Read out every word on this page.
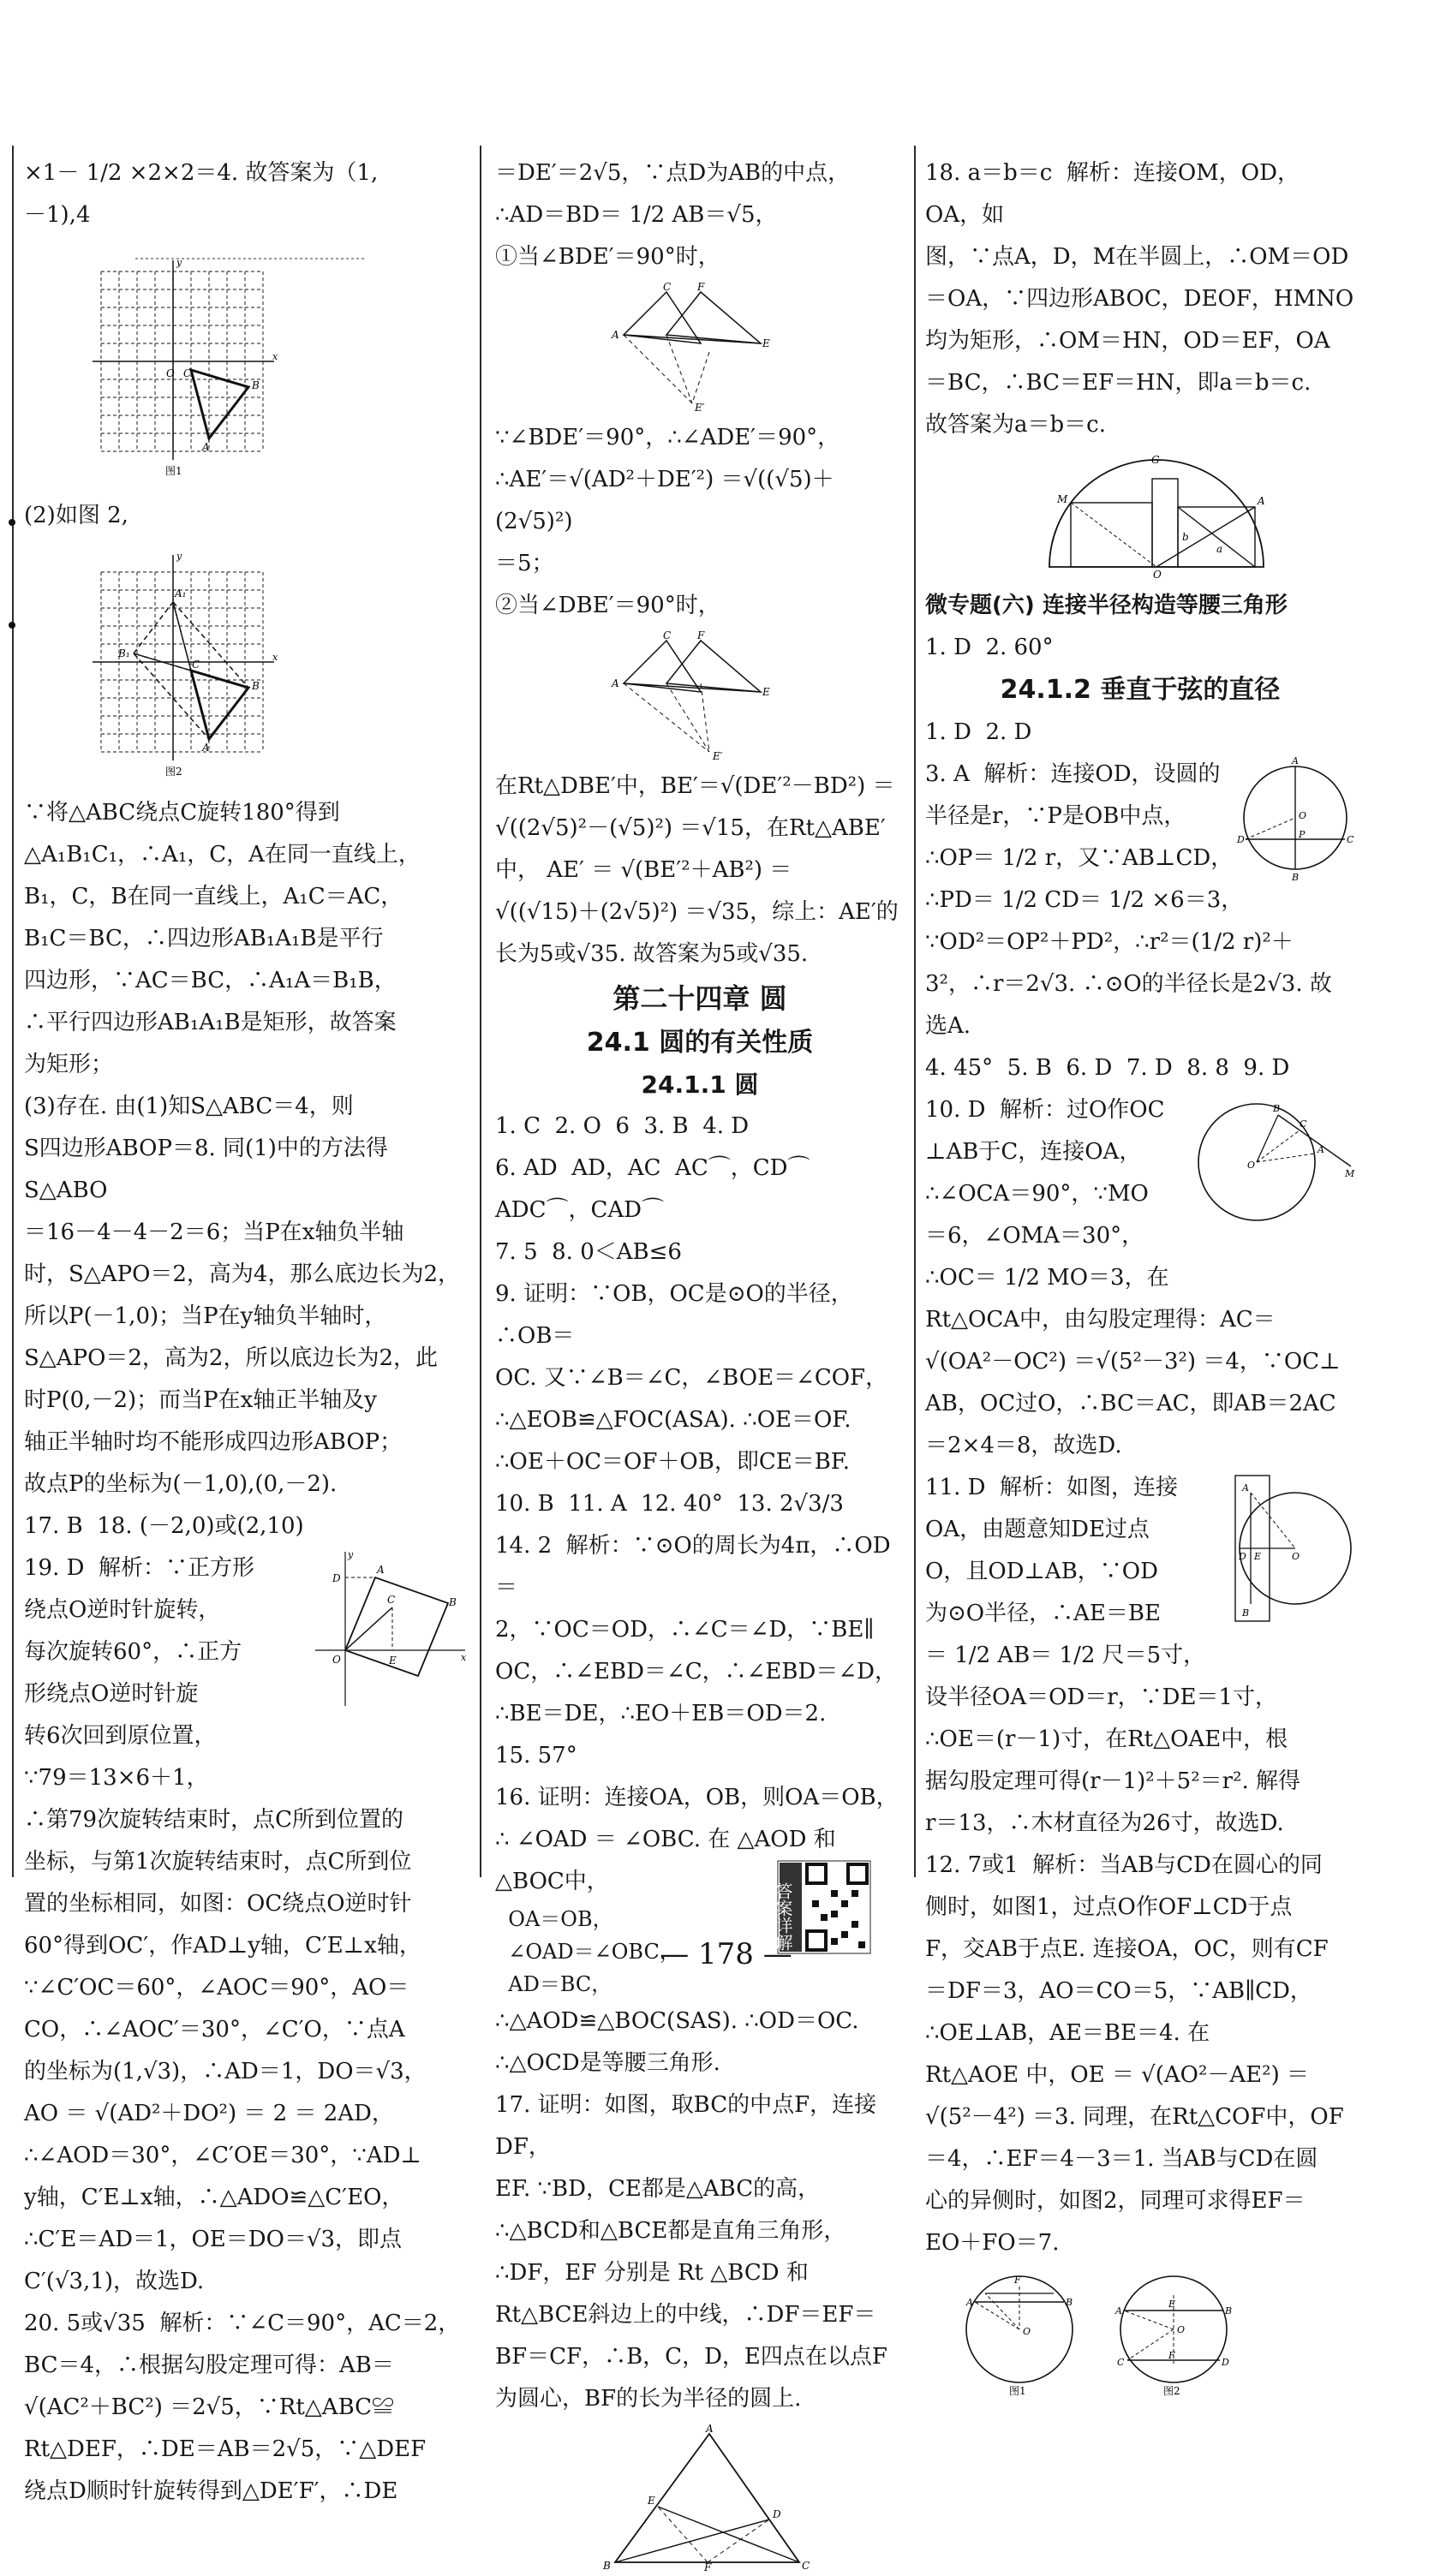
×1－ 1/2 ×2×2＝4. 故答案为（1,

－1),4

O C
B
A
y
x
图1

(2)如图 2,

A₁
B₁
C
B
A
y
x
图2

∵将△ABC绕点C旋转180°得到

△A₁B₁C₁，∴A₁，C，A在同一直线上，

B₁，C，B在同一直线上，A₁C＝AC，

B₁C＝BC，∴四边形AB₁A₁B是平行

四边形，∵AC＝BC，∴A₁A＝B₁B，

∴平行四边形AB₁A₁B是矩形，故答案

为矩形；

(3)存在. 由(1)知S△ABC＝4，则

S四边形ABOP＝8. 同(1)中的方法得S△ABO

＝16－4－4－2＝6；当P在x轴负半轴

时，S△APO＝2，高为4，那么底边长为2，

所以P(－1,0)；当P在y轴负半轴时，

S△APO＝2，高为2，所以底边长为2，此

时P(0,－2)；而当P在x轴正半轴及y

轴正半轴时均不能形成四边形ABOP；

故点P的坐标为(－1,0),(0,－2).

17. B  18. (－2,0)或(2,10)

D
A
C	B
O	E	x
y

19. D  解析：∵正方形

绕点O逆时针旋转，

每次旋转60°，∴正方

形绕点O逆时针旋

转6次回到原位置，

∵79＝13×6＋1，

∴第79次旋转结束时，点C所到位置的

坐标，与第1次旋转结束时，点C所到位

置的坐标相同，如图：OC绕点O逆时针

60°得到OC′，作AD⊥y轴，C′E⊥x轴，

∵∠C′OC＝60°，∠AOC＝90°，AO＝

CO，∴∠AOC′＝30°，∠C′O，∵点A

的坐标为(1,√3)，∴AD＝1，DO＝√3，

AO ＝ √(AD²＋DO²) ＝ 2 ＝ 2AD，

∴∠AOD＝30°，∠C′OE＝30°，∵AD⊥

y轴，C′E⊥x轴，∴△ADO≌△C′EO，

∴C′E＝AD＝1，OE＝DO＝√3，即点

C′(√3,1)，故选D.

20. 5或√35  解析：∵∠C＝90°，AC＝2，

BC＝4，∴根据勾股定理可得：AB＝

√(AC²＋BC²) ＝2√5，∵Rt△ABC≌

Rt△DEF，∴DE＝AB＝2√5，∵△DEF

绕点D顺时针旋转得到△DE′F′，∴DE

＝DE′＝2√5，∵点D为AB的中点，

∴AD＝BD＝ 1/2 AB＝√5，

①当∠BDE′＝90°时，

A
C	F
E
E′

∵∠BDE′＝90°，∴∠ADE′＝90°，

∴AE′＝√(AD²＋DE′²) ＝√((√5)＋(2√5)²)

＝5；

②当∠DBE′＝90°时，

A
C	F
E
E′

在Rt△DBE′中，BE′＝√(DE′²－BD²) ＝

√((2√5)²－(√5)²) ＝√15，在Rt△ABE′

中， AE′ ＝ √(BE′²＋AB²) ＝

√((√15)＋(2√5)²) ＝√35，综上：AE′的

长为5或√35. 故答案为5或√35.

第二十四章 圆
24.1 圆的有关性质
24.1.1 圆

1. C  2. O  6  3. B  4. D

6. AD  AD，AC  AC⌒，CD⌒  ADC⌒，CAD⌒

7. 5  8. 0＜AB≤6

9. 证明：∵OB，OC是⊙O的半径，∴OB＝

OC. 又∵∠B＝∠C，∠BOE＝∠COF，

∴△EOB≌△FOC(ASA). ∴OE＝OF.

∴OE＋OC＝OF＋OB，即CE＝BF.

10. B  11. A  12. 40°  13. 2√3/3

14. 2  解析：∵⊙O的周长为4π，∴OD＝

2，∵OC＝OD，∴∠C＝∠D，∵BE∥

OC，∴∠EBD＝∠C，∴∠EBD＝∠D，

∴BE＝DE，∴EO＋EB＝OD＝2.

15. 57°

16. 证明：连接OA，OB，则OA＝OB，

∴ ∠OAD ＝ ∠OBC. 在 △AOD 和

答案详解

△BOC中，

OA＝OB，

∠OAD＝∠OBC，

AD＝BC，

∴△AOD≌△BOC(SAS). ∴OD＝OC.

∴△OCD是等腰三角形.

17. 证明：如图，取BC的中点F，连接DF，

EF. ∵BD，CE都是△ABC的高，

∴△BCD和△BCE都是直角三角形，

∴DF，EF 分别是 Rt △BCD 和

Rt△BCE斜边上的中线，∴DF＝EF＝

BF＝CF，∴B，C，D，E四点在以点F

为圆心，BF的长为半径的圆上.

A
B	C
E
D
F

18. a＝b＝c  解析：连接OM，OD，OA，如

图，∵点A，D，M在半圆上，∴OM＝OD

＝OA，∵四边形ABOC，DEOF，HMNO

均为矩形，∴OM＝HN，OD＝EF，OA

＝BC，∴BC＝EF＝HN，即a＝b＝c.

故答案为a＝b＝c.

G
M	A
O
b
a
微专题(六) 连接半径构造等腰三角形

1. D  2. 60°

24.1.2 垂直于弦的直径

1. D  2. D

O
D	C
P
A
B

3. A  解析：连接OD，设圆的

半径是r，∵P是OB中点，

∴OP＝ 1/2 r，又∵AB⊥CD，

∴PD＝ 1/2 CD＝ 1/2 ×6＝3，

∵OD²＝OP²＋PD²，∴r²＝(1/2 r)²＋

3²，∴r＝2√3. ∴⊙O的半径长是2√3. 故

选A.

4. 45°  5. B  6. D  7. D  8. 8  9. D

O
B
C
A
M

10. D  解析：过O作OC

⊥AB于C，连接OA，

∴∠OCA＝90°，∵MO

＝6，∠OMA＝30°，

∴OC＝ 1/2 MO＝3，在

Rt△OCA中，由勾股定理得：AC＝

√(OA²－OC²) ＝√(5²－3²) ＝4，∵OC⊥

AB，OC过O，∴BC＝AC，即AB＝2AC

＝2×4＝8，故选D.

A
B
D E	O

11. D  解析：如图，连接

OA，由题意知DE过点

O，且OD⊥AB，∵OD

为⊙O半径，∴AE＝BE

＝ 1/2 AB＝ 1/2 尺＝5寸，

设半径OA＝OD＝r，∵DE＝1寸，

∴OE＝(r－1)寸，在Rt△OAE中，根

据勾股定理可得(r－1)²＋5²＝r². 解得

r＝13，∴木材直径为26寸，故选D.

12. 7或1  解析：当AB与CD在圆心的同

侧时，如图1，过点O作OF⊥CD于点

F，交AB于点E. 连接OA，OC，则有CF

＝DF＝3，AO＝CO＝5，∵AB∥CD，

∴OE⊥AB，AE＝BE＝4. 在

Rt△AOE 中，OE ＝ √(AO²－AE²) ＝

√(5²－4²) ＝3. 同理，在Rt△COF中，OF

＝4，∴EF＝4－3＝1. 当AB与CD在圆

心的异侧时，如图2，同理可求得EF＝

EO＋FO＝7.

F
A	B
O
图1
E
A	B
O
C	D
F
图2
— 178 —
